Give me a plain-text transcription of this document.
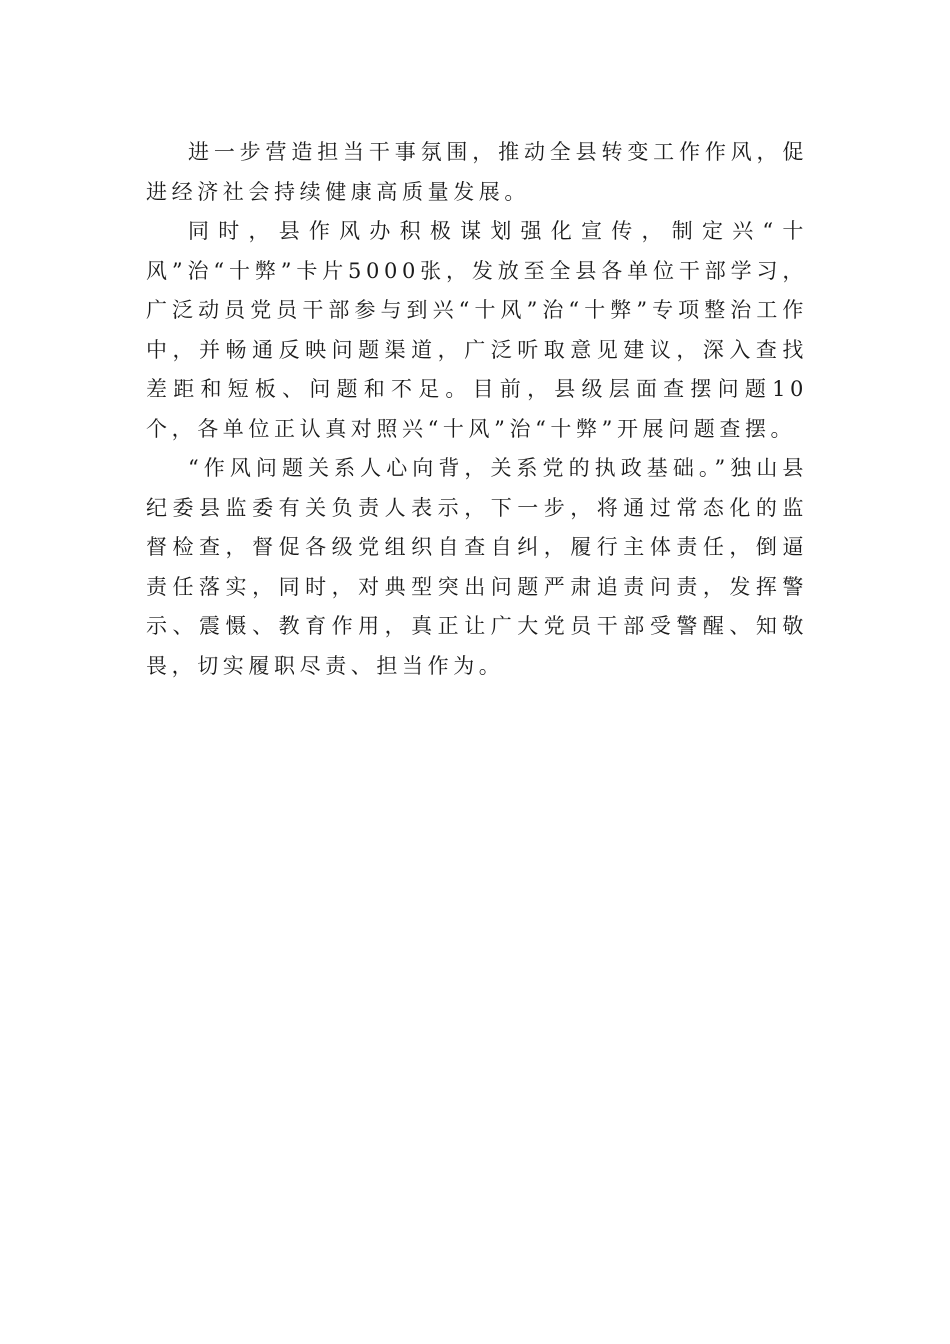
进一步营造担当干事氛围，推动全县转变工作作风，促进经济社会持续健康高质量发展。

同时，县作风办积极谋划强化宣传，制定兴“十风”治“十弊”卡片5000张，发放至全县各单位干部学习，广泛动员党员干部参与到兴“十风”治“十弊”专项整治工作中，并畅通反映问题渠道，广泛听取意见建议，深入查找差距和短板、问题和不足。目前，县级层面查摆问题10个，各单位正认真对照兴“十风”治“十弊”开展问题查摆。

“作风问题关系人心向背，关系党的执政基础。”独山县纪委县监委有关负责人表示，下一步，将通过常态化的监督检查，督促各级党组织自查自纠，履行主体责任，倒逼责任落实，同时，对典型突出问题严肃追责问责，发挥警示、震慑、教育作用，真正让广大党员干部受警醒、知敬畏，切实履职尽责、担当作为。
